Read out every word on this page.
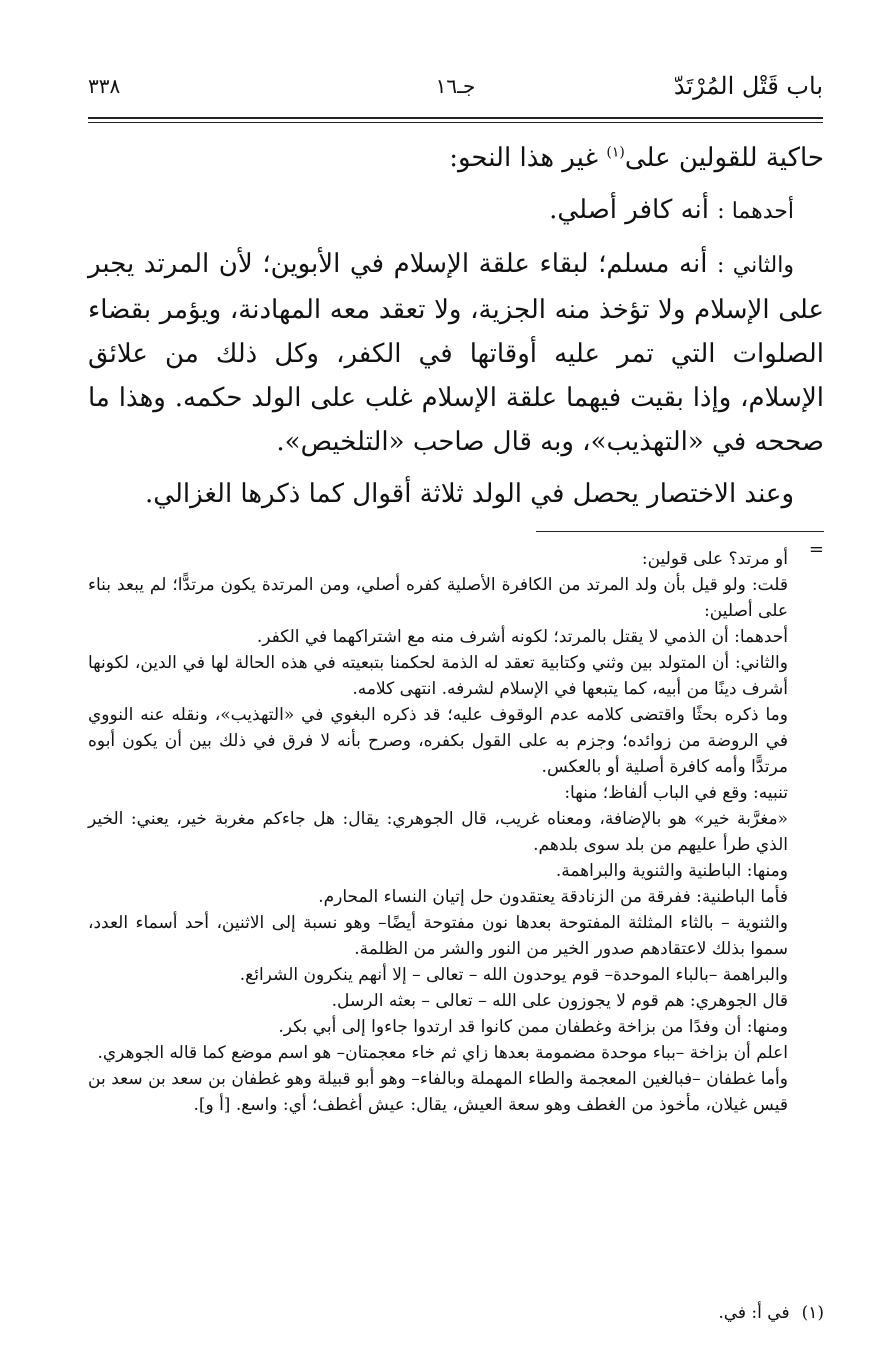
باب قَتْل المُرْتَدّ
جـ١٦
٣٣٨

حاكية للقولين على$^{(١)}$ غير هذا النحو:

أحدهما : أنه كافر أصلي.

والثاني : أنه مسلم؛ لبقاء علقة الإسلام في الأبوين؛ لأن المرتد يجبر على الإسلام ولا تؤخذ منه الجزية، ولا تعقد معه المهادنة، ويؤمر بقضاء الصلوات التي تمر عليه أوقاتها في الكفر، وكل ذلك من علائق الإسلام، وإذا بقيت فيهما علقة الإسلام غلب على الولد حكمه. وهذا ما صححه في «التهذيب»، وبه قال صاحب «التلخيص».

وعند الاختصار يحصل في الولد ثلاثة أقوال كما ذكرها الغزالي.

=

أو مرتد؟ على قولين:

قلت: ولو قيل بأن ولد المرتد من الكافرة الأصلية كفره أصلي، ومن المرتدة يكون مرتدًّا؛ لم يبعد بناء على أصلين:

أحدهما: أن الذمي لا يقتل بالمرتد؛ لكونه أشرف منه مع اشتراكهما في الكفر.

والثاني: أن المتولد بين وثني وكتابية تعقد له الذمة لحكمنا بتبعيته في هذه الحالة لها في الدين، لكونها أشرف دينًا من أبيه، كما يتبعها في الإسلام لشرفه. انتهى كلامه.

وما ذكره بحثًا واقتضى كلامه عدم الوقوف عليه؛ قد ذكره البغوي في «التهذيب»، ونقله عنه النووي في الروضة من زوائده؛ وجزم به على القول بكفره، وصرح بأنه لا فرق في ذلك بين أن يكون أبوه مرتدًّا وأمه كافرة أصلية أو بالعكس.

تنبيه: وقع في الباب ألفاظ؛ منها:

«مغرَّبة خير» هو بالإضافة، ومعناه غريب، قال الجوهري: يقال: هل جاءكم مغربة خير، يعني: الخير الذي طرأ عليهم من بلد سوى بلدهم.

ومنها: الباطنية والثنوية والبراهمة.

فأما الباطنية: ففرقة من الزنادقة يعتقدون حل إتيان النساء المحارم.

والثنوية – بالثاء المثلثة المفتوحة بعدها نون مفتوحة أيضًا– وهو نسبة إلى الاثنين، أحد أسماء العدد، سموا بذلك لاعتقادهم صدور الخير من النور والشر من الظلمة.

والبراهمة –بالباء الموحدة– قوم يوحدون الله – تعالى – إلا أنهم ينكرون الشرائع.

قال الجوهري: هم قوم لا يجوزون على الله – تعالى – بعثه الرسل.

ومنها: أن وفدًا من بزاخة وغطفان ممن كانوا قد ارتدوا جاءوا إلى أبي بكر.

اعلم أن بزاخة –بباء موحدة مضمومة بعدها زاي ثم خاء معجمتان– هو اسم موضع كما قاله الجوهري.

وأما غطفان –فبالغين المعجمة والطاء المهملة وبالفاء– وهو أبو قبيلة وهو غطفان بن سعد بن سعد بن قيس غيلان، مأخوذ من الغطف وهو سعة العيش، يقال: عيش أغطف؛ أي: واسع. [أ و].

(١)في أ: في.
